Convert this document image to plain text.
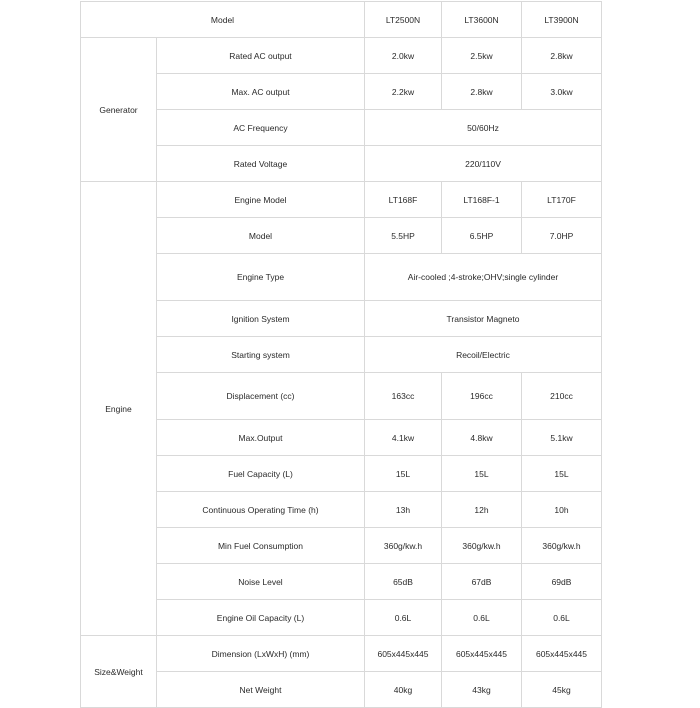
Model		LT2500N	LT3600N	LT3900N
Generator	Rated AC output	2.0kw	2.5kw	2.8kw
	Max. AC output	2.2kw	2.8kw	3.0kw
	AC Frequency	50/60Hz		
	Rated Voltage	220/110V		
Engine	Engine Model	LT168F	LT168F-1	LT170F
	Model	5.5HP	6.5HP	7.0HP
	Engine Type	Air-cooled ;4-stroke;OHV;single cylinder		
	Ignition System	Transistor Magneto		
	Starting system	Recoil/Electric		
	Displacement (cc)	163cc	196cc	210cc
	Max.Output	4.1kw	4.8kw	5.1kw
	Fuel Capacity (L)	15L	15L	15L
	Continuous Operating Time (h)	13h	12h	10h
	Min Fuel Consumption	360g/kw.h	360g/kw.h	360g/kw.h
	Noise Level	65dB	67dB	69dB
	Engine Oil Capacity (L)	0.6L	0.6L	0.6L
Size&Weight	Dimension (LxWxH) (mm)	605x445x445	605x445x445	605x445x445
	Net Weight	40kg	43kg	45kg
